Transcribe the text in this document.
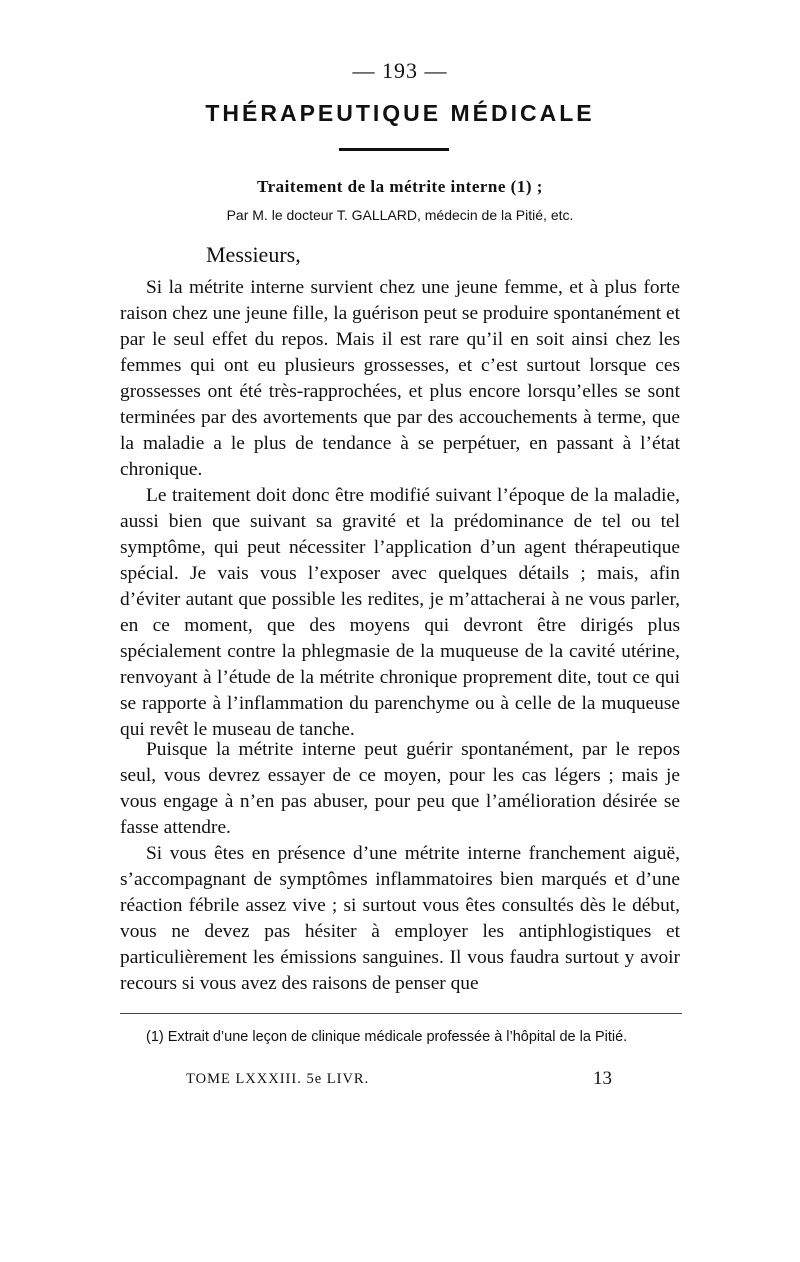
— 193 —
THÉRAPEUTIQUE MÉDICALE
Traitement de la métrite interne (1) ;
Par M. le docteur T. GALLARD, médecin de la Pitié, etc.
Messieurs,

Si la métrite interne survient chez une jeune femme, et à plus forte raison chez une jeune fille, la guérison peut se produire spontanément et par le seul effet du repos. Mais il est rare qu’il en soit ainsi chez les femmes qui ont eu plusieurs grossesses, et c’est surtout lorsque ces grossesses ont été très-rapprochées, et plus encore lorsqu’elles se sont terminées par des avortements que par des accouchements à terme, que la maladie a le plus de tendance à se perpétuer, en passant à l’état chronique.

Le traitement doit donc être modifié suivant l’époque de la maladie, aussi bien que suivant sa gravité et la prédominance de tel ou tel symptôme, qui peut nécessiter l’application d’un agent thérapeutique spécial. Je vais vous l’exposer avec quelques détails ; mais, afin d’éviter autant que possible les redites, je m’attacherai à ne vous parler, en ce moment, que des moyens qui devront être dirigés plus spécialement contre la phlegmasie de la muqueuse de la cavité utérine, renvoyant à l’étude de la métrite chronique proprement dite, tout ce qui se rapporte à l’inflammation du parenchyme ou à celle de la muqueuse qui revêt le museau de tanche.

Puisque la métrite interne peut guérir spontanément, par le repos seul, vous devrez essayer de ce moyen, pour les cas légers ; mais je vous engage à n’en pas abuser, pour peu que l’amélioration désirée se fasse attendre.

Si vous êtes en présence d’une métrite interne franchement aiguë, s’accompagnant de symptômes inflammatoires bien marqués et d’une réaction fébrile assez vive ; si surtout vous êtes consultés dès le début, vous ne devez pas hésiter à employer les antiphlogistiques et particulièrement les émissions sanguines. Il vous faudra surtout y avoir recours si vous avez des raisons de penser que

(1) Extrait d’une leçon de clinique médicale professée à l’hôpital de la Pitié.
TOME LXXXIII. 5e LIVR.	13
